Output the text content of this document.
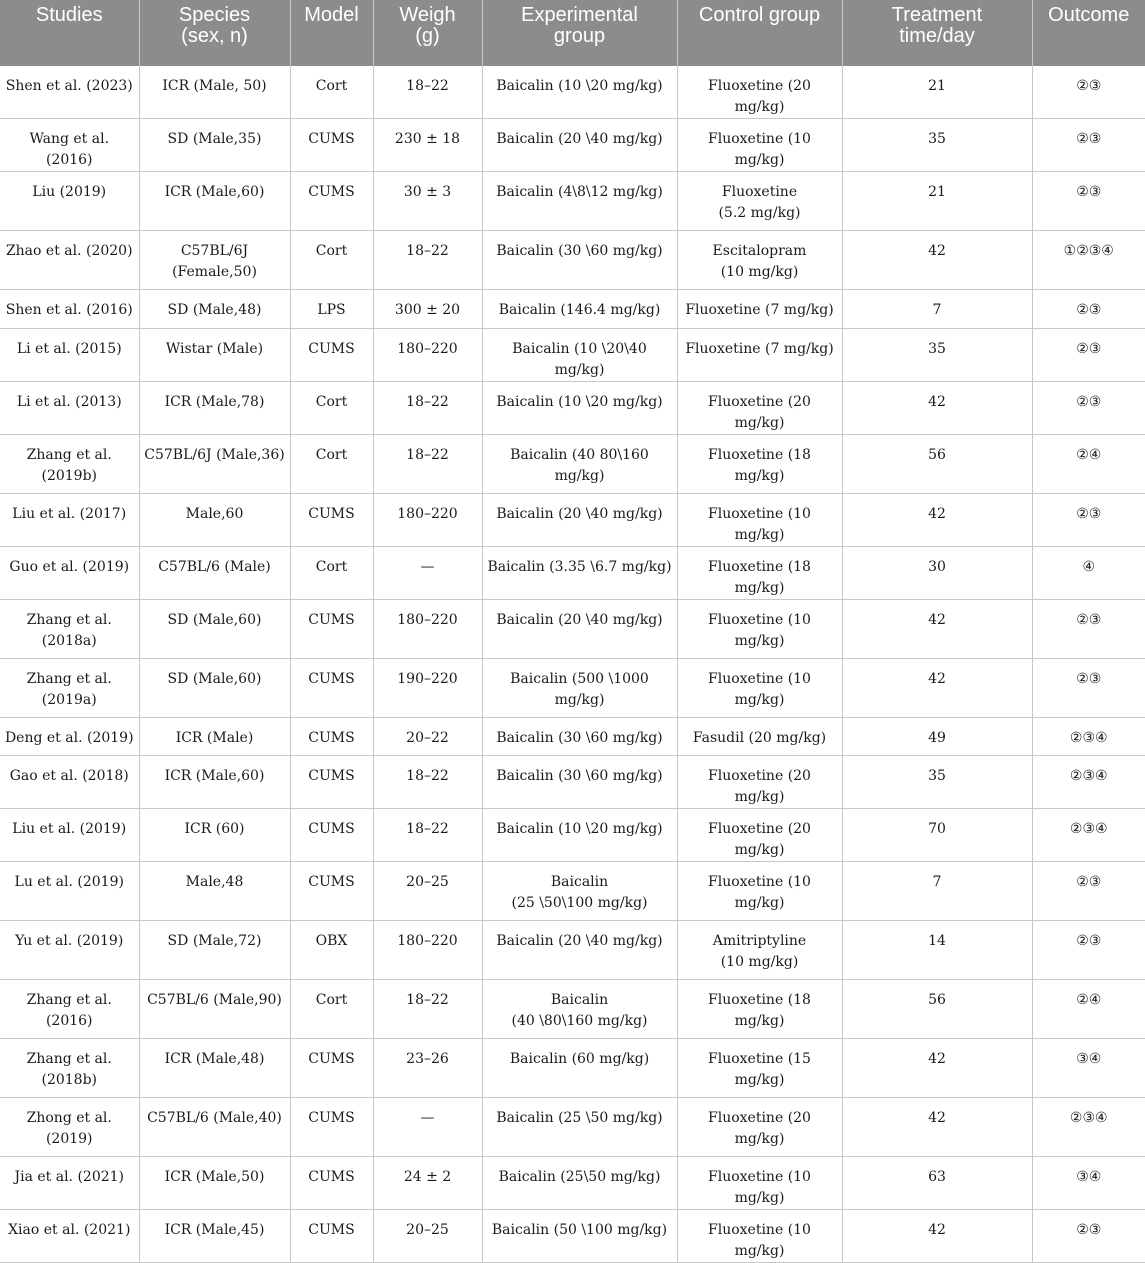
Studies	Species
(sex, n)	Model	Weigh
(g)	Experimental
group	Control group	Treatment
time/day	Outcome
Shen et al. (2023)	ICR (Male, 50)	Cort	18–22	Baicalin (10 \20 mg/kg)	Fluoxetine (20 mg/kg)	21	②③
Wang et al. (2016)	SD (Male,35)	CUMS	230 ± 18	Baicalin (20 \40 mg/kg)	Fluoxetine (10 mg/kg)	35	②③
Liu (2019)	ICR (Male,60)	CUMS	30 ± 3	Baicalin (4\8\12 mg/kg)	Fluoxetine
(5.2 mg/kg)	21	②③
Zhao et al. (2020)	C57BL/6J
(Female,50)	Cort	18–22	Baicalin (30 \60 mg/kg)	Escitalopram
(10 mg/kg)	42	①②③④
Shen et al. (2016)	SD (Male,48)	LPS	300 ± 20	Baicalin (146.4 mg/kg)	Fluoxetine (7 mg/kg)	7	②③
Li et al. (2015)	Wistar (Male)	CUMS	180–220	Baicalin (10 \20\40 mg/kg)	Fluoxetine (7 mg/kg)	35	②③
Li et al. (2013)	ICR (Male,78)	Cort	18–22	Baicalin (10 \20 mg/kg)	Fluoxetine (20 mg/kg)	42	②③
Zhang et al.
(2019b)	C57BL/6J (Male,36)	Cort	18–22	Baicalin (40 80\160 mg/kg)	Fluoxetine (18 mg/kg)	56	②④
Liu et al. (2017)	Male,60	CUMS	180–220	Baicalin (20 \40 mg/kg)	Fluoxetine (10 mg/kg)	42	②③
Guo et al. (2019)	C57BL/6 (Male)	Cort	—	Baicalin (3.35 \6.7 mg/kg)	Fluoxetine (18 mg/kg)	30	④
Zhang et al.
(2018a)	SD (Male,60)	CUMS	180–220	Baicalin (20 \40 mg/kg)	Fluoxetine (10 mg/kg)	42	②③
Zhang et al.
(2019a)	SD (Male,60)	CUMS	190–220	Baicalin (500 \1000 mg/kg)	Fluoxetine (10 mg/kg)	42	②③
Deng et al. (2019)	ICR (Male)	CUMS	20–22	Baicalin (30 \60 mg/kg)	Fasudil (20 mg/kg)	49	②③④
Gao et al. (2018)	ICR (Male,60)	CUMS	18–22	Baicalin (30 \60 mg/kg)	Fluoxetine (20 mg/kg)	35	②③④
Liu et al. (2019)	ICR (60)	CUMS	18–22	Baicalin (10 \20 mg/kg)	Fluoxetine (20 mg/kg)	70	②③④
Lu et al. (2019)	Male,48	CUMS	20–25	Baicalin
(25 \50\100 mg/kg)	Fluoxetine (10 mg/kg)	7	②③
Yu et al. (2019)	SD (Male,72)	OBX	180–220	Baicalin (20 \40 mg/kg)	Amitriptyline
(10 mg/kg)	14	②③
Zhang et al.
(2016)	C57BL/6 (Male,90)	Cort	18–22	Baicalin
(40 \80\160 mg/kg)	Fluoxetine (18 mg/kg)	56	②④
Zhang et al.
(2018b)	ICR (Male,48)	CUMS	23–26	Baicalin (60 mg/kg)	Fluoxetine (15 mg/kg)	42	③④
Zhong et al.
(2019)	C57BL/6 (Male,40)	CUMS	—	Baicalin (25 \50 mg/kg)	Fluoxetine (20 mg/kg)	42	②③④
Jia et al. (2021)	ICR (Male,50)	CUMS	24 ± 2	Baicalin (25\50 mg/kg)	Fluoxetine (10 mg/kg)	63	③④
Xiao et al. (2021)	ICR (Male,45)	CUMS	20–25	Baicalin (50 \100 mg/kg)	Fluoxetine (10 mg/kg)	42	②③
